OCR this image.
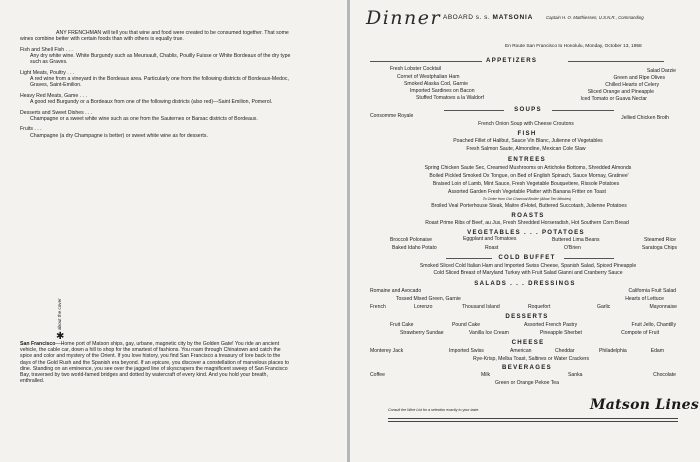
ANY FRENCHMAN will tell you that wine and food were created to be consumed together. That some wines combine better with certain foods than with others is equally true.
Fish and Shell Fish . . .
Any dry white wine. White Burgundy such as Meursault, Chablis, Pouilly Fuisse or White Bordeaux of the dry type such as Graves.
Light Meats, Poultry . . .
A red wine from a vineyard in the Bordeaux area. Particularly one from the following districts of Bordeaux-Medoc, Graves, Saint-Emilion.
Heavy Red Meats, Game . . .
A good red Burgundy or a Bordeaux from one of the following districts (also red)—Saint Emilion, Pomerol.
Desserts and Sweet Dishes . . .
Champagne or a sweet white wine such as one from the Sauternes or Barsac districts of Bordeaux.
Fruits . . .
Champagne (a dry Champagne is better) or sweet white wine as for desserts.
about the cover
✱
San Francisco—Home port of Matson ships, gay, urbane, magnetic city by the Golden Gate! You ride an ancient vehicle, the cable car, down a hill to shop for the smartest of fashions. You roam through Chinatown and catch the spice and color and mystery of the Orient. If you love history, you find San Francisco a treasury of lore back to the days of the Gold Rush and the Spanish era beyond. If an epicure, you discover a constellation of marvelous places to dine. Standing on an eminence, you see over the jagged line of skyscrapers the magnificent sweep of San Francisco Bay, traversed by two world-famed bridges and dotted by watercraft of every kind. And you hold your breath, enthralled.
Dinner ABOARD s. s. MATSONIA	Captain H. O. Matthiessen, U.S.N.R., Commanding
En Route San Francisco to Honolulu, Monday, October 13, 1958
APPETIZERS
Fresh Lobster Cocktail	Salad Darzie
Cornet of Westphalian Ham	Green and Ripe Olives
Smoked Alaska Cod, Garnie	Chilled Hearts of Celery
Imported Sardines on Bacon	Sliced Orange and Pineapple
Stuffed Tomatoes a la Waldorf	Iced Tomato or Guava Nectar
SOUPS
Consomme Royale	Jellied Chicken Broth
French Onion Soup with Cheese Croutons
FISH
Poached Fillet of Halibut, Sauce Vin Blanc, Julienne of Vegetables
Fresh Salmon Saute, Almondine, Mexican Cole Slaw
ENTREES
Spring Chicken Saute Sec, Creamed Mushrooms on Artichoke Bottoms, Shredded Almonds
Boiled Pickled Smoked Ox Tongue, on Bed of English Spinach, Sauce Mornay, Gratinee'
Braised Loin of Lamb, Mint Sauce, Fresh Vegetable Bouquetiere, Rissole Potatoes
Assorted Garden Fresh Vegetable Platter with Banana Fritter on Toast
To Order from Our Charcoal Broiler (Allow Ten Minutes)
Broiled Veal Porterhouse Steak, Maitre d'Hotel, Buttered Succotash, Julienne Potatoes
ROASTS
Roast Prime Ribs of Beef, au Jus, Fresh Shredded Horseradish, Hot Southern Corn Bread
VEGETABLES . . . POTATOES
Broccoli Polonaise	Eggplant and Tomatoes	Buttered Lima Beans	Steamed Rice
Baked Idaho Potato	Roast	O'Brien	Saratoga Chips
COLD BUFFET
Smoked Sliced Cold Italian Ham and Imported Swiss Cheese, Spanish Salad, Spiced Pineapple
Cold Sliced Breast of Maryland Turkey with Fruit Salad Gianni and Cranberry Sauce
SALADS . . . DRESSINGS
Romaine and Avocado	California Fruit Salad
Tossed Mixed Green, Garnie	Hearts of Lettuce
French	Lorenzo	Thousand Island	Roquefort	Garlic	Mayonnaise
DESSERTS
Fruit Cake	Pound Cake	Assorted French Pastry	Fruit Jello, Chantilly
Strawberry Sundae	Vanilla Ice Cream	Pineapple Sherbet	Compote of Fruit
CHEESE
Monterey Jack	Imported Swiss	American	Cheddar	Philadelphia	Edam
Rye-Krisp, Melba Toast, Saltines or Water Crackers
BEVERAGES
Coffee	Milk	Sanka	Chocolate
Green or Orange Pekoe Tea
Consult the Wine List for a selection exactly to your taste.	Matson Lines
